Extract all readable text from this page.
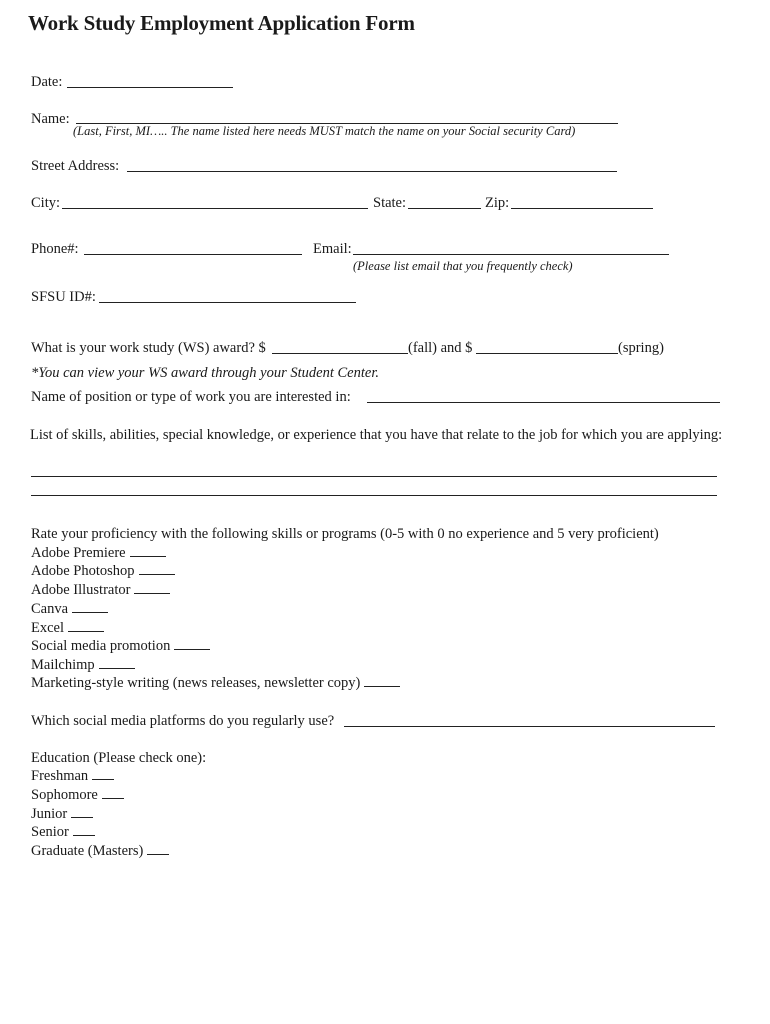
Work Study Employment Application Form
Date:
Name:
(Last, First, MI….. The name listed here needs MUST match the name on your Social security Card)
Street Address:
City:	State:	Zip:
Phone#:	Email:
(Please list email that you frequently check)
SFSU ID#:
What is your work study (WS) award? $	(fall) and $	(spring)
*You can view your WS award through your Student Center.
Name of position or type of work you are interested in:
List of skills, abilities, special knowledge, or experience that you have that relate to the job for which you are applying:
Rate your proficiency with the following skills or programs (0-5 with 0 no experience and 5 very proficient)
Adobe Premiere
Adobe Photoshop
Adobe Illustrator
Canva
Excel
Social media promotion
Mailchimp
Marketing-style writing (news releases, newsletter copy)
Which social media platforms do you regularly use?
Education (Please check one):
Freshman
Sophomore
Junior
Senior
Graduate (Masters)
